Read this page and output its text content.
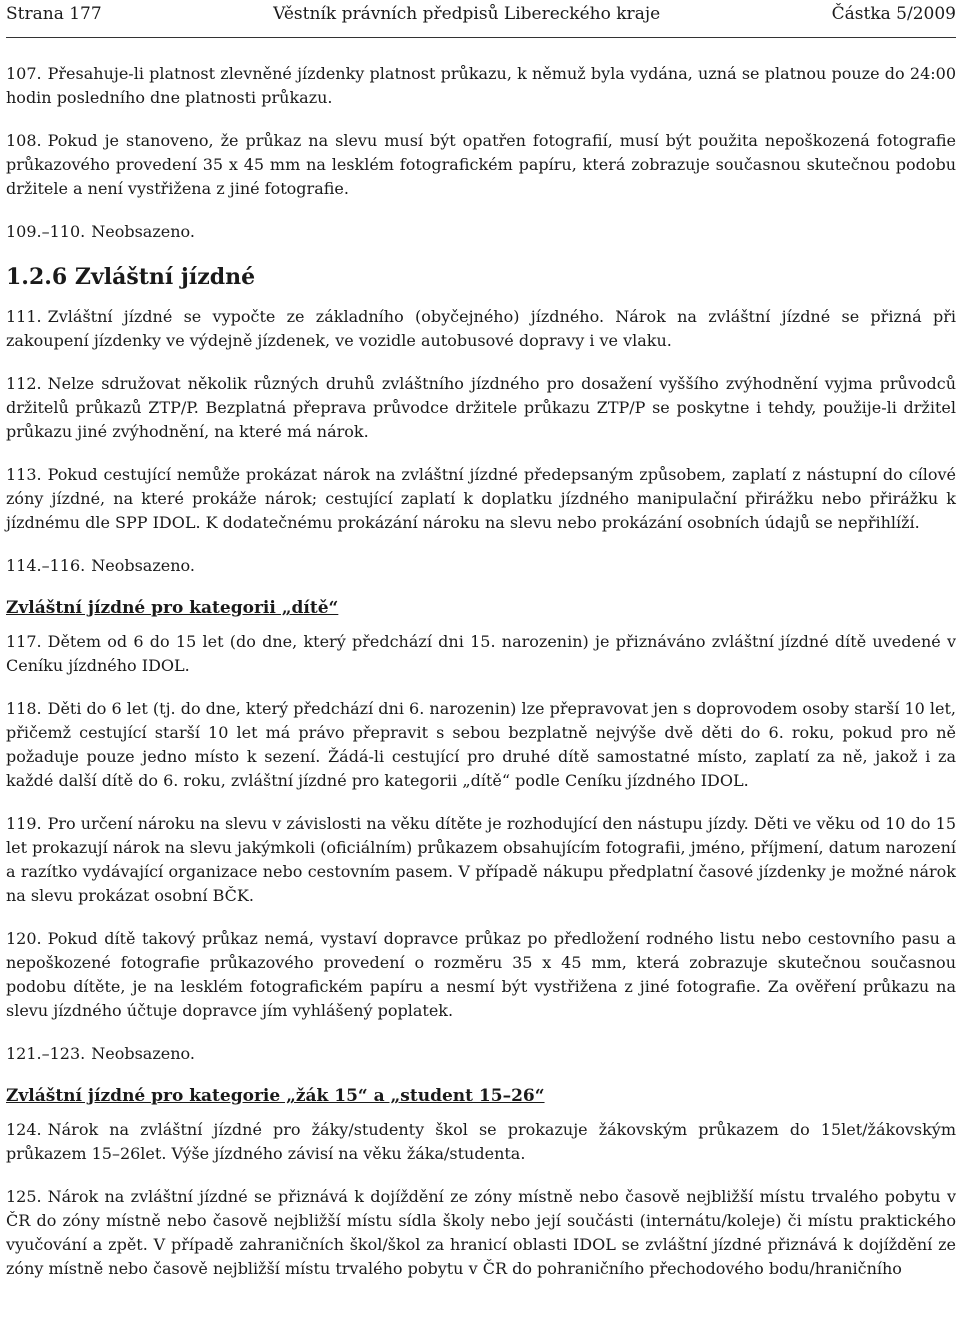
Strana 177	Věstník právních předpisů Libereckého kraje	Částka 5/2009

107. Přesahuje-li platnost zlevněné jízdenky platnost průkazu, k němuž byla vydána, uzná se platnou pouze do 24:00 hodin posledního dne platnosti průkazu.

108. Pokud je stanoveno, že průkaz na slevu musí být opatřen fotografií, musí být použita nepoškozená fotografie průkazového provedení 35 x 45 mm na lesklém fotografickém papíru, která zobrazuje současnou skutečnou podobu držitele a není vystřižena z jiné fotografie.

109.–110. Neobsazeno.

1.2.6 Zvláštní jízdné

111. Zvláštní jízdné se vypočte ze základního (obyčejného) jízdného. Nárok na zvláštní jízdné se přizná při zakoupení jízdenky ve výdejně jízdenek, ve vozidle autobusové dopravy i ve vlaku.

112. Nelze sdružovat několik různých druhů zvláštního jízdného pro dosažení vyššího zvýhodnění vyjma průvodců držitelů průkazů ZTP/P. Bezplatná přeprava průvodce držitele průkazu ZTP/P se poskytne i tehdy, použije-li držitel průkazu jiné zvýhodnění, na které má nárok.

113. Pokud cestující nemůže prokázat nárok na zvláštní jízdné předepsaným způsobem, zaplatí z nástupní do cílové zóny jízdné, na které prokáže nárok; cestující zaplatí k doplatku jízdného manipulační přirážku nebo přirážku k jízdnému dle SPP IDOL. K dodatečnému prokázání nároku na slevu nebo prokázání osobních údajů se nepřihlíží.

114.–116. Neobsazeno.

Zvláštní jízdné pro kategorii „dítě“

117. Dětem od 6 do 15 let (do dne, který předchází dni 15. narozenin) je přiznáváno zvláštní jízdné dítě uvedené v Ceníku jízdného IDOL.

118. Děti do 6 let (tj. do dne, který předchází dni 6. narozenin) lze přepravovat jen s doprovodem osoby starší 10 let, přičemž cestující starší 10 let má právo přepravit s sebou bezplatně nejvýše dvě děti do 6. roku, pokud pro ně požaduje pouze jedno místo k sezení. Žádá-li cestující pro druhé dítě samostatné místo, zaplatí za ně, jakož i za každé další dítě do 6. roku, zvláštní jízdné pro kategorii „dítě“ podle Ceníku jízdného IDOL.

119. Pro určení nároku na slevu v závislosti na věku dítěte je rozhodující den nástupu jízdy. Děti ve věku od 10 do 15 let prokazují nárok na slevu jakýmkoli (oficiálním) průkazem obsahujícím fotografii, jméno, příjmení, datum narození a razítko vydávající organizace nebo cestovním pasem. V případě nákupu předplatní časové jízdenky je možné nárok na slevu prokázat osobní BČK.

120. Pokud dítě takový průkaz nemá, vystaví dopravce průkaz po předložení rodného listu nebo cestovního pasu a nepoškozené fotografie průkazového provedení o rozměru 35 x 45 mm, která zobrazuje skutečnou současnou podobu dítěte, je na lesklém fotografickém papíru a nesmí být vystřižena z jiné fotografie. Za ověření průkazu na slevu jízdného účtuje dopravce jím vyhlášený poplatek.

121.–123. Neobsazeno.

Zvláštní jízdné pro kategorie „žák 15“ a „student 15–26“

124. Nárok na zvláštní jízdné pro žáky/studenty škol se prokazuje žákovským průkazem do 15let/žákovským průkazem 15–26let. Výše jízdného závisí na věku žáka/studenta.

125. Nárok na zvláštní jízdné se přiznává k dojíždění ze zóny místně nebo časově nejbližší místu trvalého pobytu v ČR do zóny místně nebo časově nejbližší místu sídla školy nebo její součásti (internátu/koleje) či místu praktického vyučování a zpět. V případě zahraničních škol/škol za hranicí oblasti IDOL se zvláštní jízdné přiznává k dojíždění ze zóny místně nebo časově nejbližší místu trvalého pobytu v ČR do pohraničního přechodového bodu/hraničního
